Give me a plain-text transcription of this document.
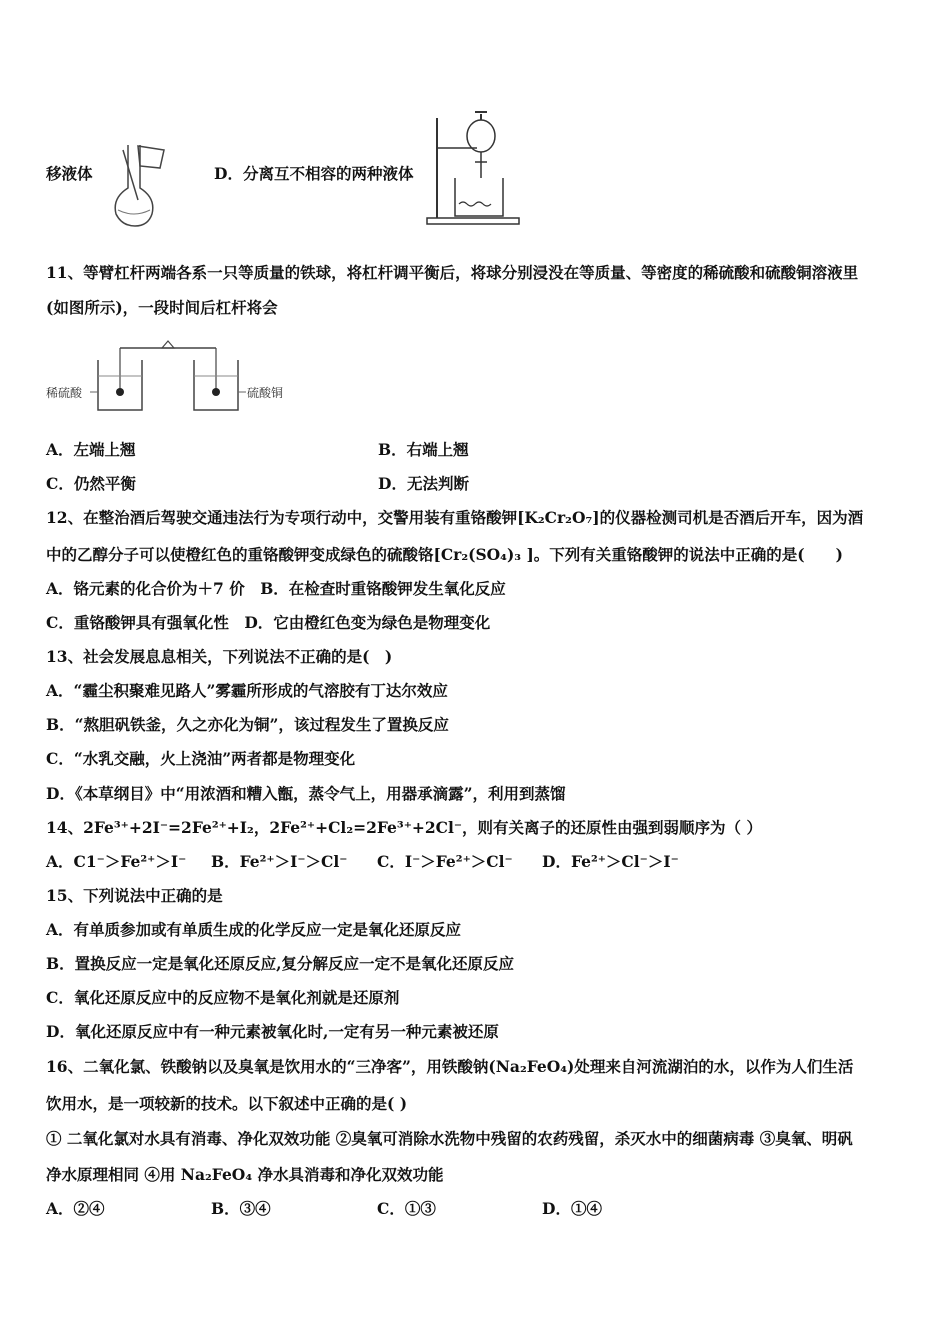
移液体	D．分离互不相容的两种液体
11、等臂杠杆两端各系一只等质量的铁球，将杠杆调平衡后，将球分别浸没在等质量、等密度的稀硫酸和硫酸铜溶液里
(如图所示)，一段时间后杠杆将会
稀硫酸	硫酸铜
A．左端上翘	B．右端上翘
C．仍然平衡	D．无法判断
12、在整治酒后驾驶交通违法行为专项行动中，交警用装有重铬酸钾[K₂Cr₂O₇]的仪器检测司机是否酒后开车，因为酒
中的乙醇分子可以使橙红色的重铬酸钾变成绿色的硫酸铬[Cr₂(SO₄)₃ ]。下列有关重铬酸钾的说法中正确的是(　　)
A．铬元素的化合价为＋7 价　B．在检查时重铬酸钾发生氧化反应
C．重铬酸钾具有强氧化性　D．它由橙红色变为绿色是物理变化
13、社会发展息息相关，下列说法不正确的是(　)
A．“霾尘积聚难见路人”雾霾所形成的气溶胶有丁达尔效应
B．“熬胆矾铁釜，久之亦化为铜”，该过程发生了置换反应
C．“水乳交融，火上浇油”两者都是物理变化
D．《本草纲目》中“用浓酒和糟入甑，蒸令气上，用器承滴露”，利用到蒸馏
14、2Fe³⁺+2I⁻=2Fe²⁺+I₂，2Fe²⁺+Cl₂=2Fe³⁺+2Cl⁻，则有关离子的还原性由强到弱顺序为（ ）
A．C1⁻＞Fe²⁺＞I⁻ B．Fe²⁺＞I⁻＞Cl⁻ C．I⁻＞Fe²⁺＞Cl⁻ D．Fe²⁺＞Cl⁻＞I⁻
15、下列说法中正确的是
A．有单质参加或有单质生成的化学反应一定是氧化还原反应
B．置换反应一定是氧化还原反应,复分解反应一定不是氧化还原反应
C．氧化还原反应中的反应物不是氧化剂就是还原剂
D．氧化还原反应中有一种元素被氧化时,一定有另一种元素被还原
16、二氧化氯、铁酸钠以及臭氧是饮用水的“三净客”，用铁酸钠(Na₂FeO₄)处理来自河流湖泊的水，以作为人们生活
饮用水，是一项较新的技术。以下叙述中正确的是( )
① 二氧化氯对水具有消毒、净化双效功能 ②臭氧可消除水洗物中残留的农药残留，杀灭水中的细菌病毒 ③臭氧、明矾
净水原理相同 ④用 Na₂FeO₄ 净水具消毒和净化双效功能
A．②④	B．③④	C．①③	D．①④
